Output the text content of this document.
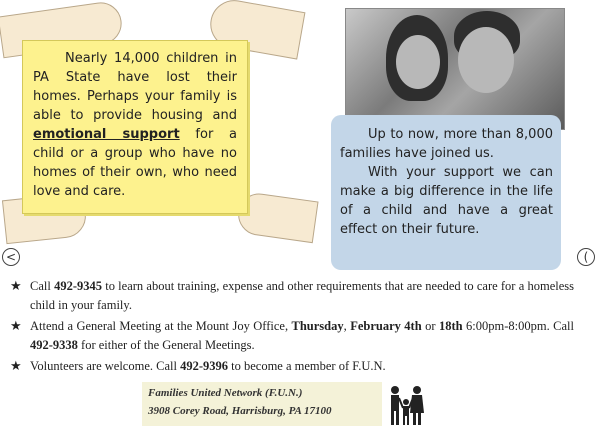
Nearly 14,000 children in PA State have lost their homes. Perhaps your family is able to provide housing and emotional support for a child or a group who have no homes of their own, who need love and care.

Up to now, more than 8,000 families have joined us.

With your support we can make a big difference in the life of a child and have a great effect on their future.

<	(
★ Call 492-9345 to learn about training, expense and other requirements that are needed to care for a homeless child in your family.
★ Attend a General Meeting at the Mount Joy Office, Thursday, February 4th or 18th 6:00pm-8:00pm. Call 492-9338 for either of the General Meetings.
★ Volunteers are welcome. Call 492-9396 to become a member of F.U.N.
Families United Network (F.U.N.)
3908 Corey Road, Harrisburg, PA 17100
